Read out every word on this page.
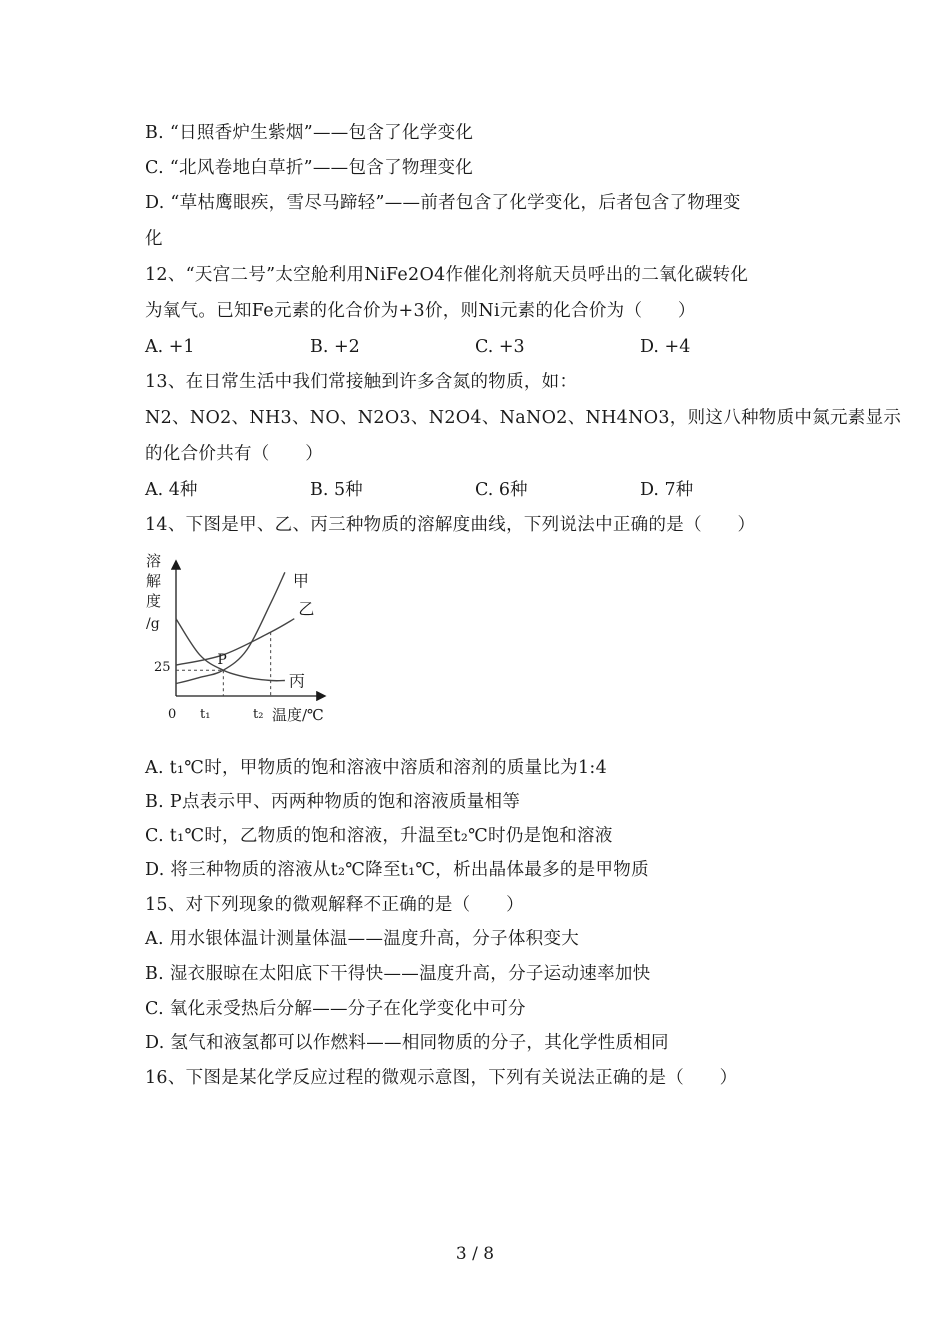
B. “日照香炉生紫烟”——包含了化学变化
C. “北风卷地白草折”——包含了物理变化
D. “草枯鹰眼疾，雪尽马蹄轻”——前者包含了化学变化，后者包含了物理变
化
12、“天宫二号”太空舱利用NiFe2O4作催化剂将航天员呼出的二氧化碳转化
为氧气。已知Fe元素的化合价为+3价，则Ni元素的化合价为（　　）
A. +1	B. +2	C. +3	D. +4
13、在日常生活中我们常接触到许多含氮的物质，如：
N2、NO2、NH3、NO、N2O3、N2O4、NaNO2、NH4NO3，则这八种物质中氮元素显示
的化合价共有（　　）
A. 4种	B. 5种	C. 6种	D. 7种
14、下图是甲、乙、丙三种物质的溶解度曲线，下列说法中正确的是（　　）
溶
解
度
/g
25
0 t₁	t₂ 温度/℃
P
甲
乙
丙
A. t₁℃时，甲物质的饱和溶液中溶质和溶剂的质量比为1:4
B. P点表示甲、丙两种物质的饱和溶液质量相等
C. t₁℃时，乙物质的饱和溶液，升温至t₂℃时仍是饱和溶液
D. 将三种物质的溶液从t₂℃降至t₁℃，析出晶体最多的是甲物质
15、对下列现象的微观解释不正确的是（　　）
A. 用水银体温计测量体温——温度升高，分子体积变大
B. 湿衣服晾在太阳底下干得快——温度升高，分子运动速率加快
C. 氧化汞受热后分解——分子在化学变化中可分
D. 氢气和液氢都可以作燃料——相同物质的分子，其化学性质相同
16、下图是某化学反应过程的微观示意图，下列有关说法正确的是（　　）
3 / 8
